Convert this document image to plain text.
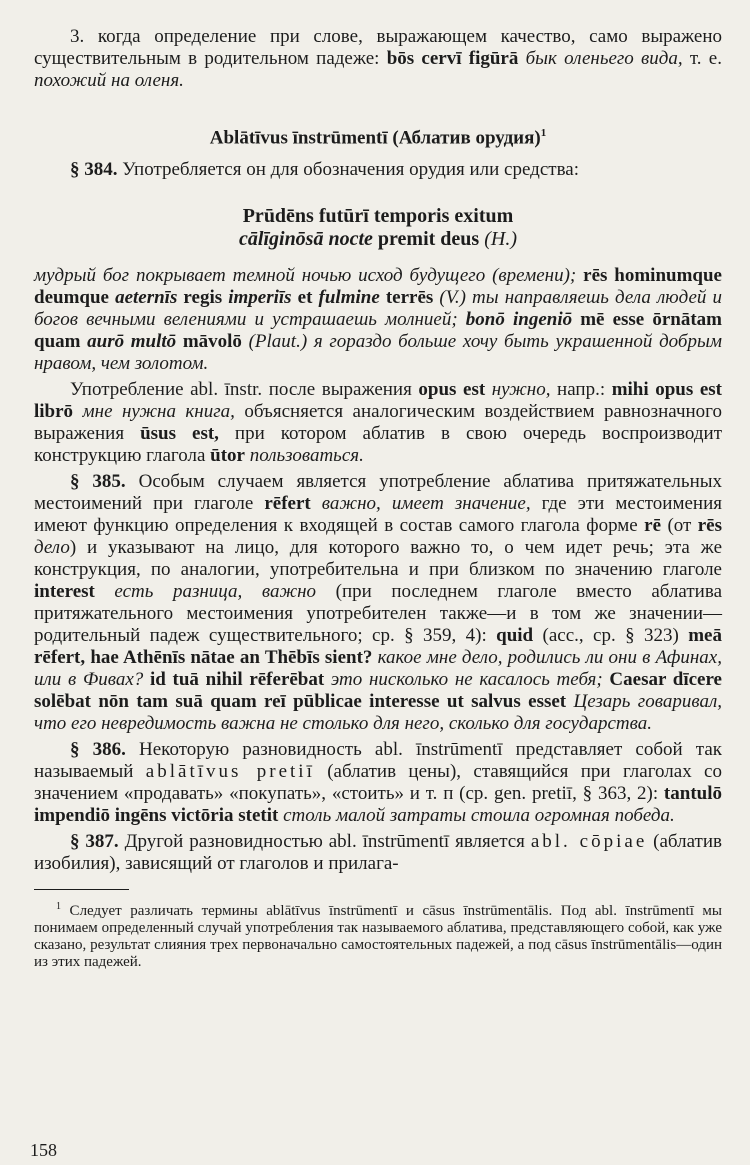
3. когда определение при слове, выражающем качество, само выражено существительным в родительном падеже: bōs cervī figūrā бык оленьего вида, т. е. похожий на оленя.

Ablātīvus īnstrūmentī (Аблатив орудия)$^1$

§ 384. Употребляется он для обозначения орудия или средства:

Prūdēns futūrī temporis exitum
cālīginōsā nocte premit deus (H.)

мудрый бог покрывает темной ночью исход будущего (времени); rēs hominumque deumque aeternīs regis imperiīs et fulmine terrēs (V.) ты направляешь дела людей и богов вечными велениями и устрашаешь молнией; bonō ingeniō mē esse ōrnātam quam aurō multō māvolō (Plaut.) я гораздо больше хочу быть украшенной добрым нравом, чем золотом.

Употребление abl. īnstr. после выражения opus est нужно, напр.: mihi opus est librō мне нужна книга, объясняется аналогическим воздействием равнозначного выражения ūsus est, при котором аблатив в свою очередь воспроизводит конструкцию глагола ūtor пользоваться.

§ 385. Особым случаем является употребление аблатива притяжательных местоимений при глаголе rēfert важно, имеет значение, где эти местоимения имеют функцию определения к входящей в состав самого глагола форме rē (от rēs дело) и указывают на лицо, для которого важно то, о чем идет речь; эта же конструкция, по аналогии, употребительна и при близком по значению глаголе interest есть разница, важно (при последнем глаголе вместо аблатива притяжательного местоимения употребителен также—и в том же значении—родительный падеж существительного; ср. § 359, 4): quid (acc., ср. § 323) meā rēfert, hae Athēnīs nātae an Thēbīs sient? какое мне дело, родились ли они в Афинах, или в Фивах? id tuā nihil rēferēbat это нисколько не касалось тебя; Caesar dīcere solēbat nōn tam suā quam reī pūblicae interesse ut salvus esset Цезарь говаривал, что его невредимость важна не столько для него, сколько для государства.

§ 386. Некоторую разновидность abl. īnstrūmentī представляет собой так называемый ablātīvus pretiī (аблатив цены), ставящийся при глаголах со значением «продавать» «покупать», «стоить» и т. п (ср. gen. pretiī, § 363, 2): tantulō impendiō ingēns victōria stetit столь малой затраты стоила огромная победа.

§ 387. Другой разновидностью abl. īnstrūmentī является abl. cōpiae (аблатив изобилия), зависящий от глаголов и прилага-

$^1$ Следует различать термины ablātīvus īnstrūmentī и cāsus īnstrūmentālis. Под abl. īnstrūmentī мы понимаем определенный случай употребления так называемого аблатива, представляющего собой, как уже сказано, результат слияния трех первоначально самостоятельных падежей, а под cāsus īnstrūmentālis—один из этих падежей.

158
